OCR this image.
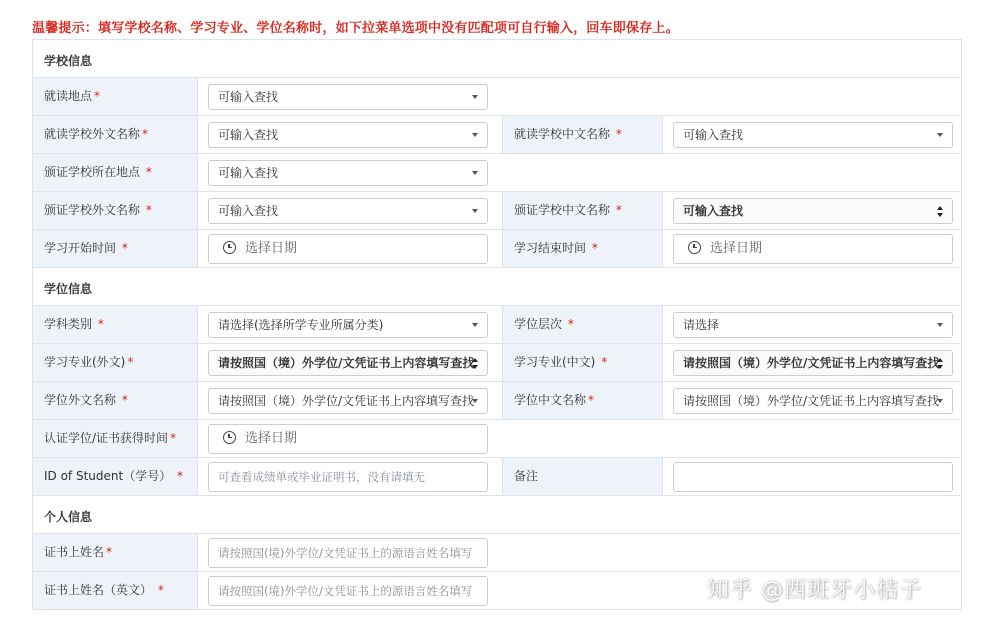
温馨提示：填写学校名称、学习专业、学位名称时，如下拉菜单选项中没有匹配项可自行输入，回车即保存上。
学校信息
就读地点 *	可输入查找
就读学校外文名称 *	可输入查找	就读学校中文名称 *	可输入查找
颁证学校所在地点 *	可输入查找
颁证学校外文名称 *	可输入查找	颁证学校中文名称 *	可输入查找
学习开始时间 *	选择日期	学习结束时间 *	选择日期
学位信息
学科类别 *	请选择(选择所学专业所属分类)	学位层次 *	请选择
学习专业(外文) *	请按照国（境）外学位/文凭证书上内容填写查找	学习专业(中文) *	请按照国（境）外学位/文凭证书上内容填写查找
学位外文名称 *	请按照国（境）外学位/文凭证书上内容填写查找	学位中文名称 *	请按照国（境）外学位/文凭证书上内容填写查找
认证学位/证书获得时间 *	选择日期
ID of Student（学号） *	可查看成绩单或毕业证明书，没有请填无	备注
个人信息
证书上姓名 *	请按照国(境)外学位/文凭证书上的源语言姓名填写
证书上姓名（英文） *	请按照国(境)外学位/文凭证书上的源语言姓名填写	知乎 @西班牙小桔子
